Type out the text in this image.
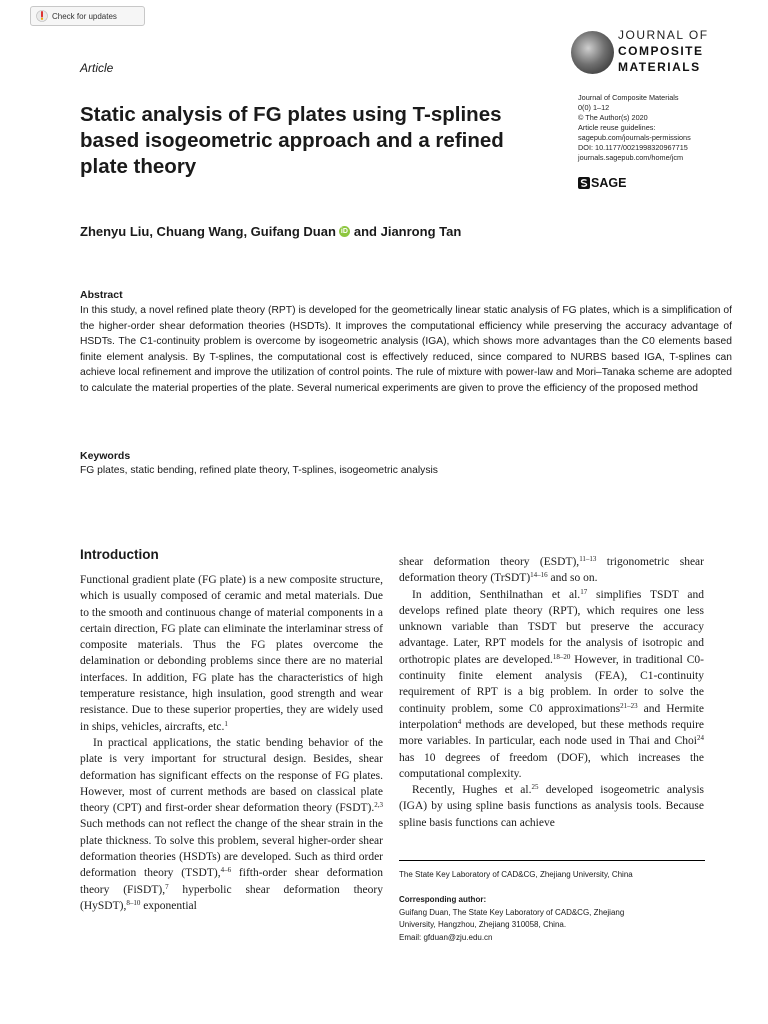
Check for updates
JOURNAL OF
COMPOSITE
MATERIALS
Article
Static analysis of FG plates using T-splines based isogeometric approach and a refined plate theory
Journal of Composite Materials
0(0) 1–12
© The Author(s) 2020
Article reuse guidelines:
sagepub.com/journals-permissions
DOI: 10.1177/0021998320967715
journals.sagepub.com/home/jcm
SAGE
Zhenyu Liu, Chuang Wang, Guifang Duan iD and Jianrong Tan
Abstract

In this study, a novel refined plate theory (RPT) is developed for the geometrically linear static analysis of FG plates, which is a simplification of the higher-order shear deformation theories (HSDTs). It improves the computational efficiency while preserving the accuracy advantage of HSDTs. The C1-continuity problem is overcome by isogeometric analysis (IGA), which shows more advantages than the C0 elements based finite element analysis. By T-splines, the computational cost is effectively reduced, since compared to NURBS based IGA, T-splines can achieve local refinement and improve the utilization of control points. The rule of mixture with power-law and Mori–Tanaka scheme are adopted to calculate the material properties of the plate. Several numerical experiments are given to prove the efficiency of the proposed method

Keywords
FG plates, static bending, refined plate theory, T-splines, isogeometric analysis
Introduction

Functional gradient plate (FG plate) is a new composite structure, which is usually composed of ceramic and metal materials. Due to the smooth and continuous change of material components in a certain direction, FG plate can eliminate the interlaminar stress of composite materials. Thus the FG plates overcome the delamination or debonding problems since there are no material interfaces. In addition, FG plate has the characteristics of high temperature resistance, high insulation, good strength and wear resistance. Due to these superior properties, they are widely used in ships, vehicles, aircrafts, etc.$^1$

In practical applications, the static bending behavior of the plate is very important for structural design. Besides, shear deformation has significant effects on the response of FG plates. However, most of current methods are based on classical plate theory (CPT) and first-order shear deformation theory (FSDT).$^{2,3}$ Such methods can not reflect the change of the shear strain in the plate thickness. To solve this problem, several higher-order shear deformation theories (HSDTs) are developed. Such as third order deformation theory (TSDT),$^{4-6}$ fifth-order shear deformation theory (FiSDT),$^7$ hyperbolic shear deformation theory (HySDT),$^{8-10}$ exponential

shear deformation theory (ESDT),$^{11-13}$ trigonometric shear deformation theory (TrSDT)$^{14-16}$ and so on.

In addition, Senthilnathan et al.$^{17}$ simplifies TSDT and develops refined plate theory (RPT), which requires one less unknown variable than TSDT but preserve the accuracy advantage. Later, RPT models for the analysis of isotropic and orthotropic plates are developed.$^{18-20}$ However, in traditional C0-continuity finite element analysis (FEA), C1-continuity requirement of RPT is a big problem. In order to solve the continuity problem, some C0 approximations$^{21-23}$ and Hermite interpolation$^4$ methods are developed, but these methods require more variables. In particular, each node used in Thai and Choi$^{24}$ has 10 degrees of freedom (DOF), which increases the computational complexity.

Recently, Hughes et al.$^{25}$ developed isogeometric analysis (IGA) by using spline basis functions as analysis tools. Because spline basis functions can achieve

The State Key Laboratory of CAD&CG, Zhejiang University, China
Corresponding author:
Guifang Duan, The State Key Laboratory of CAD&CG, Zhejiang
University, Hangzhou, Zhejiang 310058, China.
Email: gfduan@zju.edu.cn
